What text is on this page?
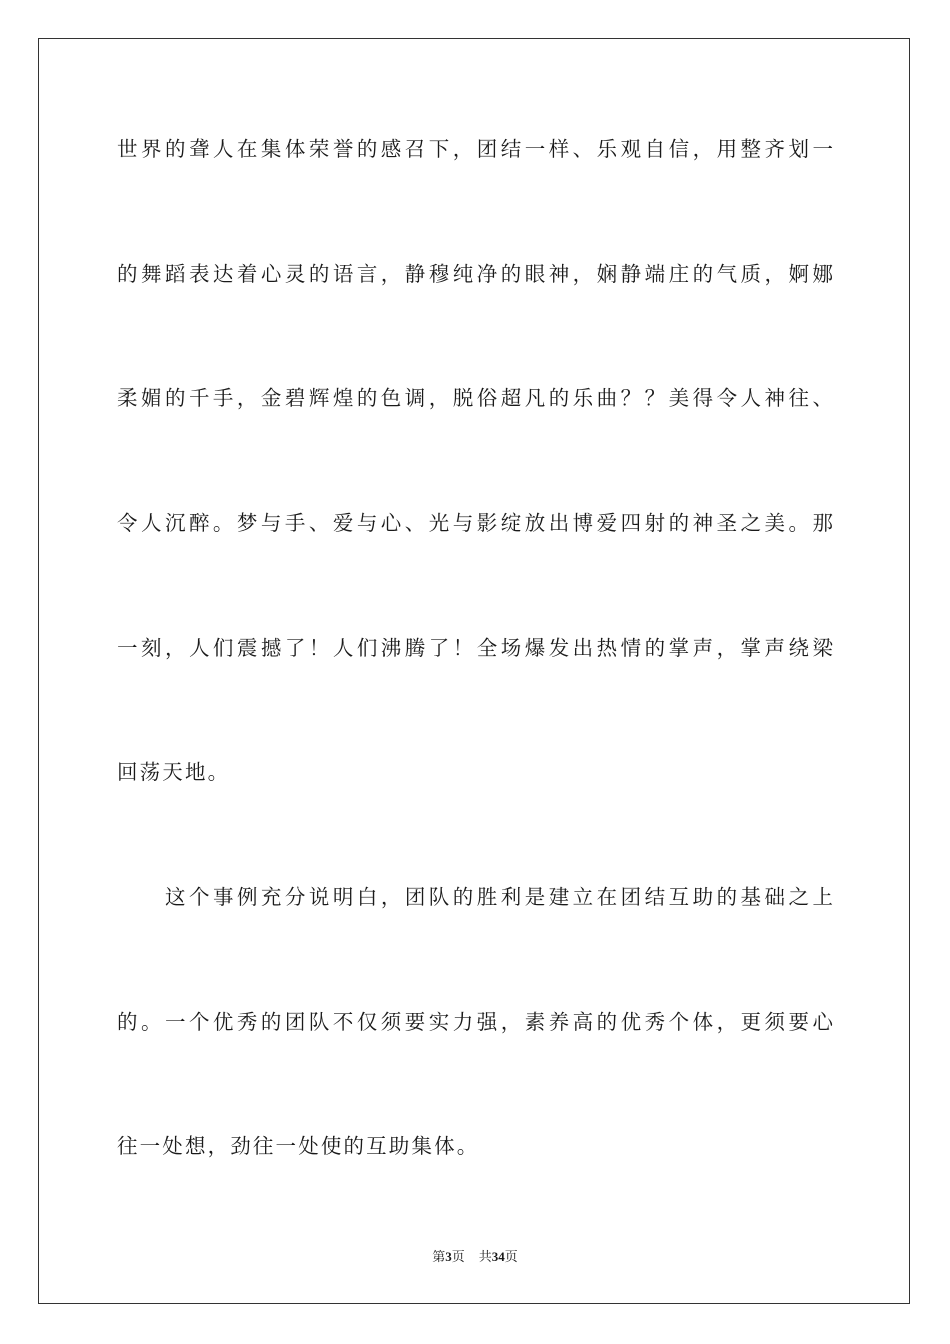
世界的聋人在集体荣誉的感召下，团结一样、乐观自信，用整齐划一
的舞蹈表达着心灵的语言，静穆纯净的眼神，娴静端庄的气质，婀娜
柔媚的千手，金碧辉煌的色调，脱俗超凡的乐曲？？美得令人神往、
令人沉醉。梦与手、爱与心、光与影绽放出博爱四射的神圣之美。那
一刻，人们震撼了！人们沸腾了！全场爆发出热情的掌声，掌声绕梁
回荡天地。
这个事例充分说明白，团队的胜利是建立在团结互助的基础之上
的。一个优秀的团队不仅须要实力强，素养高的优秀个体，更须要心
往一处想，劲往一处使的互助集体。
第3页 共34页
